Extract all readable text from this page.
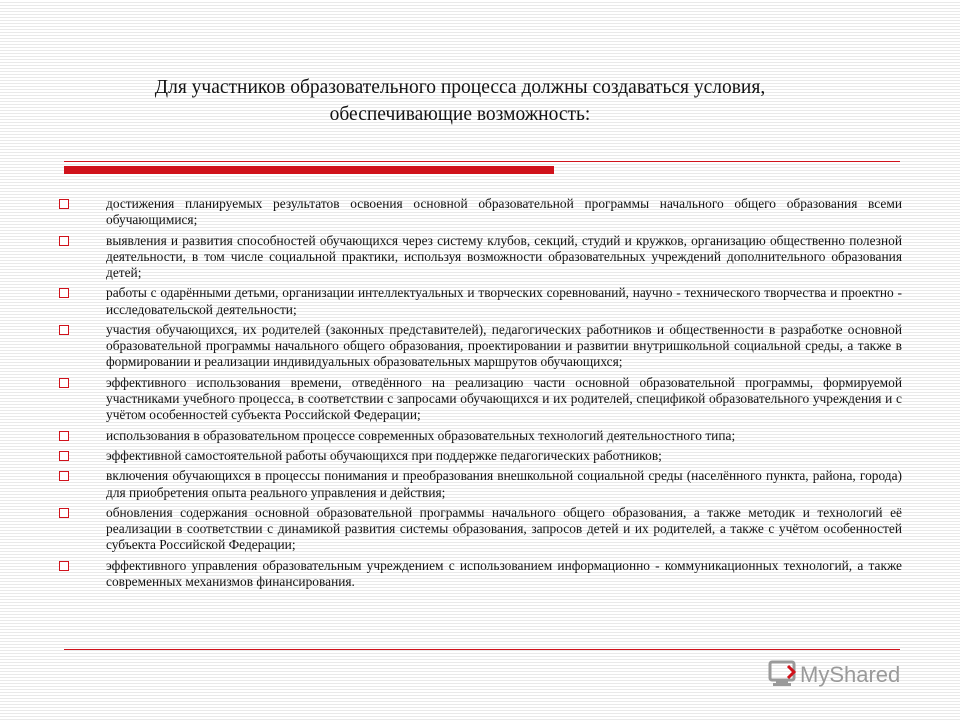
Для участников образовательного процесса должны создаваться условия,
обеспечивающие возможность:
достижения планируемых результатов освоения основной образовательной программы начального общего образования всеми обучающимися;
выявления и развития способностей обучающихся через систему клубов, секций, студий и кружков, организацию общественно полезной деятельности, в том числе социальной практики, используя возможности образовательных учреждений дополнительного образования детей;
работы с одарёнными детьми, организации интеллектуальных и творческих соревнований, научно - технического творчества и проектно - исследовательской деятельности;
участия обучающихся, их родителей (законных представителей), педагогических работников и общественности в разработке основной образовательной программы начального общего образования, проектировании и развитии внутришкольной социальной среды, а также в формировании и реализации индивидуальных образовательных маршрутов обучающихся;
эффективного использования времени, отведённого на реализацию части основной образовательной программы, формируемой участниками учебного процесса, в соответствии с запросами обучающихся и их родителей, спецификой образовательного учреждения и с учётом особенностей субъекта Российской Федерации;
использования в образовательном процессе современных образовательных технологий деятельностного типа;
эффективной самостоятельной работы обучающихся при поддержке педагогических работников;
включения обучающихся в процессы понимания и преобразования внешкольной социальной среды (населённого пункта, района, города) для приобретения опыта реального управления и действия;
обновления содержания основной образовательной программы начального общего образования, а также методик и технологий её реализации в соответствии с динамикой развития системы образования, запросов детей и их родителей, а также с учётом особенностей субъекта Российской Федерации;
эффективного управления образовательным учреждением с использованием информационно - коммуникационных технологий, а также современных механизмов финансирования.
MyShared
